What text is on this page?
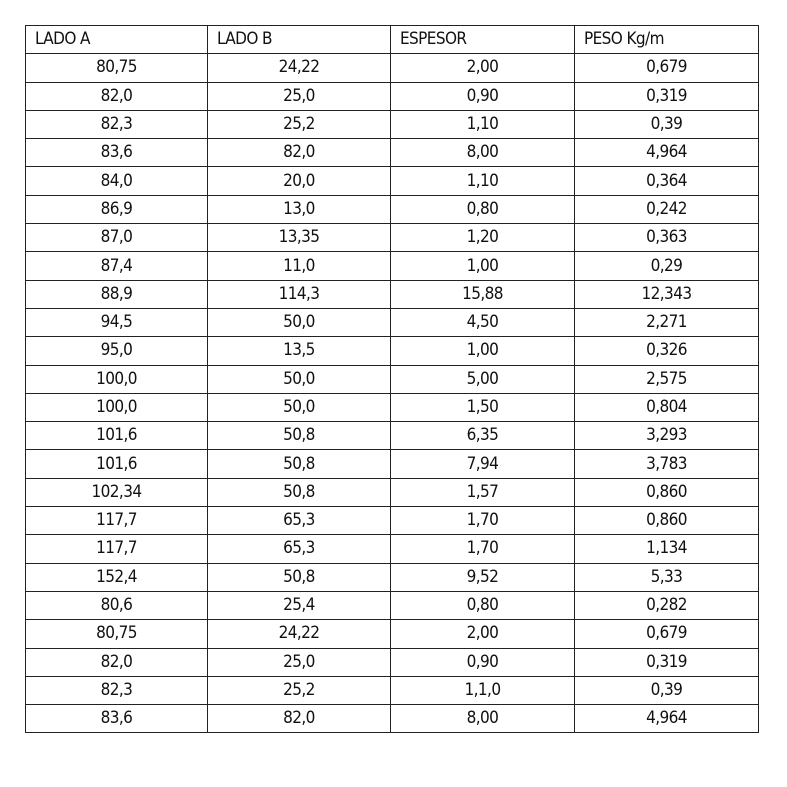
LADO A	LADO B	ESPESOR	PESO Kg/m
80,75	24,22	2,00	0,679
82,0	25,0	0,90	0,319
82,3	25,2	1,10	0,39
83,6	82,0	8,00	4,964
84,0	20,0	1,10	0,364
86,9	13,0	0,80	0,242
87,0	13,35	1,20	0,363
87,4	11,0	1,00	0,29
88,9	114,3	15,88	12,343
94,5	50,0	4,50	2,271
95,0	13,5	1,00	0,326
100,0	50,0	5,00	2,575
100,0	50,0	1,50	0,804
101,6	50,8	6,35	3,293
101,6	50,8	7,94	3,783
102,34	50,8	1,57	0,860
117,7	65,3	1,70	0,860
117,7	65,3	1,70	1,134
152,4	50,8	9,52	5,33
80,6	25,4	0,80	0,282
80,75	24,22	2,00	0,679
82,0	25,0	0,90	0,319
82,3	25,2	1,1,0	0,39
83,6	82,0	8,00	4,964
